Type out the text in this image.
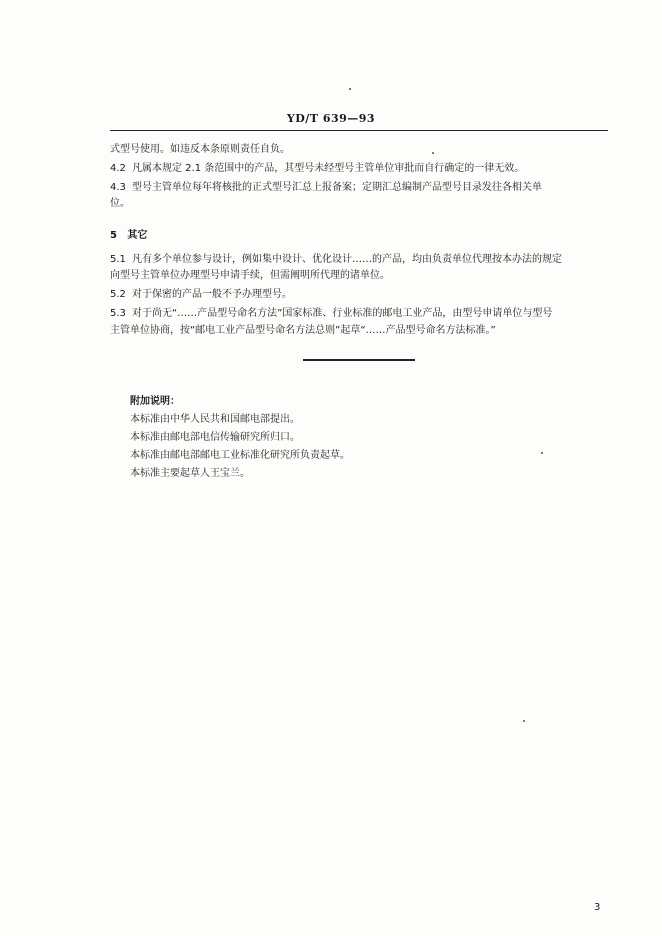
YD/T 639—93
式型号使用。如违反本条原则责任自负。
4.2 凡属本规定 2.1 条范围中的产品，其型号未经型号主管单位审批而自行确定的一律无效。
4.3 型号主管单位每年将核批的正式型号汇总上报备案；定期汇总编制产品型号目录发往各相关单
位。
5 其它
5.1 凡有多个单位参与设计，例如集中设计、优化设计……的产品，均由负责单位代理按本办法的规定
向型号主管单位办理型号申请手续，但需阐明所代理的诸单位。
5.2 对于保密的产品一般不予办理型号。
5.3 对于尚无“……产品型号命名方法”国家标准、行业标准的邮电工业产品，由型号申请单位与型号
主管单位协商，按“邮电工业产品型号命名方法总则”起草“……产品型号命名方法标准。”
附加说明：
本标准由中华人民共和国邮电部提出。
本标准由邮电部电信传输研究所归口。
本标准由邮电部邮电工业标准化研究所负责起草。
本标准主要起草人王宝兰。
3
